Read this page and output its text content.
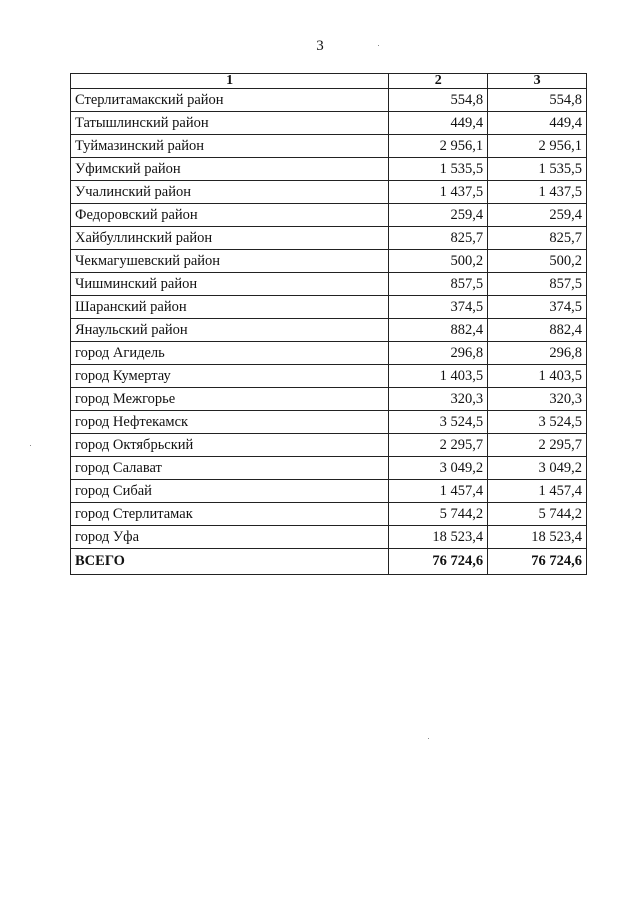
3
1	2	3
Стерлитамакский район	554,8	554,8
Татышлинский район	449,4	449,4
Туймазинский район	2 956,1	2 956,1
Уфимский район	1 535,5	1 535,5
Учалинский район	1 437,5	1 437,5
Федоровский район	259,4	259,4
Хайбуллинский район	825,7	825,7
Чекмагушевский район	500,2	500,2
Чишминский район	857,5	857,5
Шаранский район	374,5	374,5
Янаульский район	882,4	882,4
город Агидель	296,8	296,8
город Кумертау	1 403,5	1 403,5
город Межгорье	320,3	320,3
город Нефтекамск	3 524,5	3 524,5
город Октябрьский	2 295,7	2 295,7
город Салават	3 049,2	3 049,2
город Сибай	1 457,4	1 457,4
город Стерлитамак	5 744,2	5 744,2
город Уфа	18 523,4	18 523,4
ВСЕГО	76 724,6	76 724,6
